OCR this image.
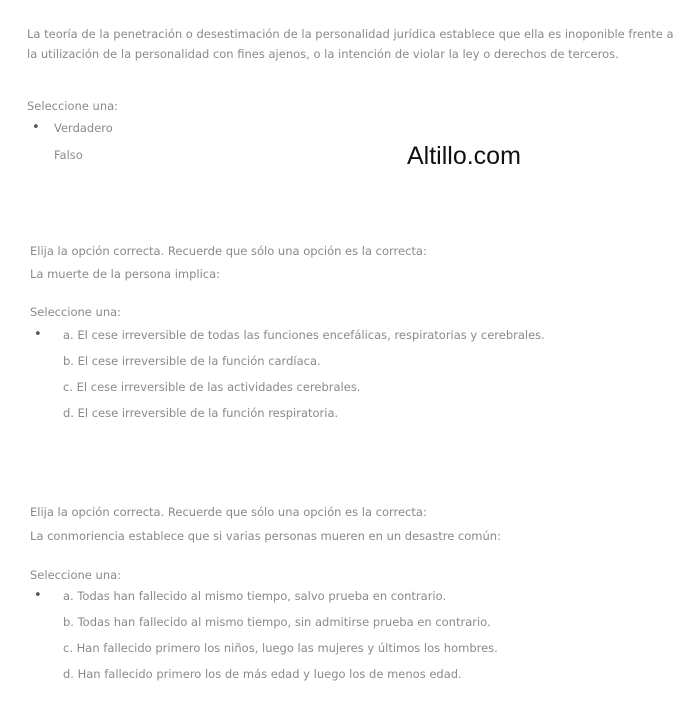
La teoría de la penetración o desestimación de la personalidad jurídica establece que ella es inoponible frente a la utilización de la personalidad con fines ajenos, o la intención de violar la ley o derechos de terceros.
Seleccione una:
• Verdadero
Falso	Altillo.com
Elija la opción correcta. Recuerde que sólo una opción es la correcta:
La muerte de la persona implica:
Seleccione una:
• a. El cese irreversible de todas las funciones encefálicas, respiratorias y cerebrales.
b. El cese irreversible de la función cardíaca.
c. El cese irreversible de las actividades cerebrales.
d. El cese irreversible de la función respiratoria.
Elija la opción correcta. Recuerde que sólo una opción es la correcta:
La conmoriencia establece que si varias personas mueren en un desastre común:
Seleccione una:
• a. Todas han fallecido al mismo tiempo, salvo prueba en contrario.
b. Todas han fallecido al mismo tiempo, sin admitirse prueba en contrario.
c. Han fallecido primero los niños, luego las mujeres y últimos los hombres.
d. Han fallecido primero los de más edad y luego los de menos edad.
